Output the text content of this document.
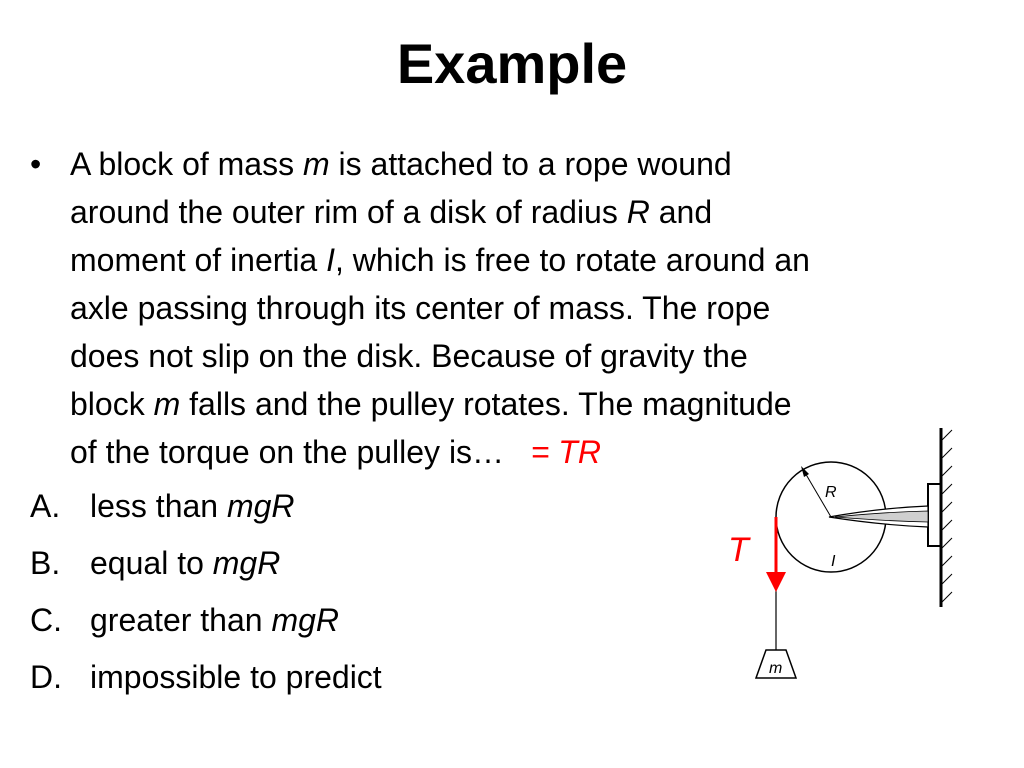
Example
• A block of mass m is attached to a rope wound
around the outer rim of a disk of radius R and
moment of inertia I, which is free to rotate around an
axle passing through its center of mass. The rope
does not slip on the disk. Because of gravity the
block m falls and the pulley rotates. The magnitude
of the torque on the pulley is… = TR
A. less than mgR
B. equal to mgR
C. greater than mgR
D. impossible to predict
R
I
T
m
